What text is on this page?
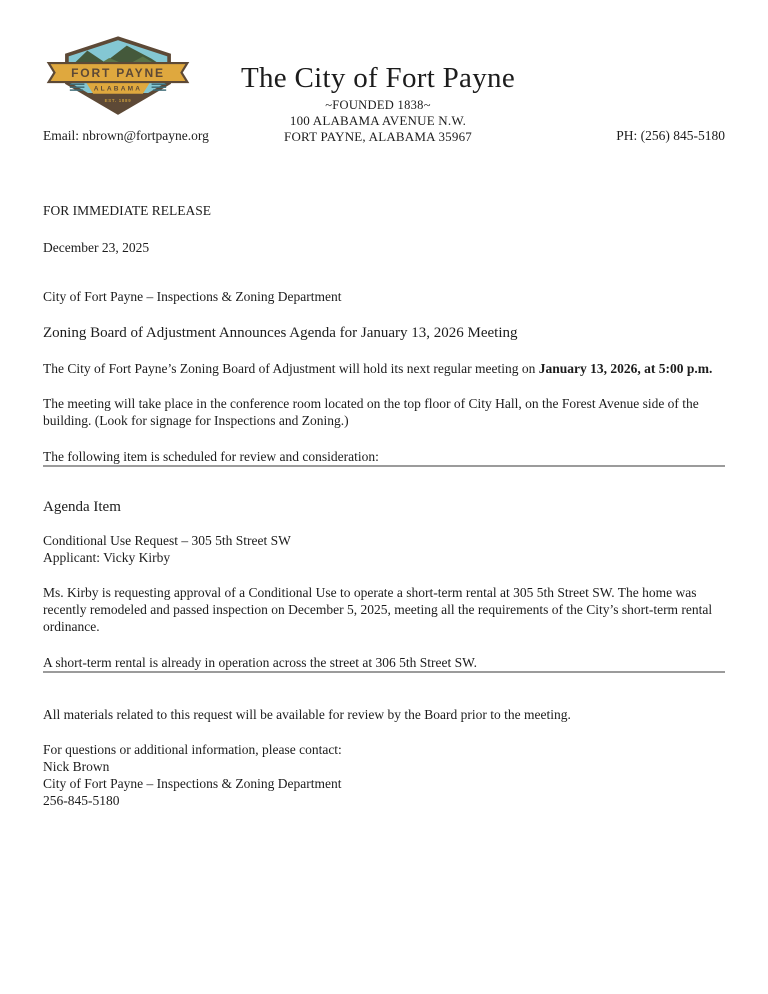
EST. 1889
ALABAMA
FORT PAYNE
Email: nbrown@fortpayne.org
The City of Fort Payne
~FOUNDED 1838~
100 ALABAMA AVENUE N.W.
FORT PAYNE, ALABAMA 35967	PH: (256) 845-5180

FOR IMMEDIATE RELEASE

December 23, 2025

City of Fort Payne – Inspections & Zoning Department

Zoning Board of Adjustment Announces Agenda for January 13, 2026 Meeting

The City of Fort Payne’s Zoning Board of Adjustment will hold its next regular meeting on January 13, 2026, at 5:00 p.m.

The meeting will take place in the conference room located on the top floor of City Hall, on the Forest Avenue side of the building. (Look for signage for Inspections and Zoning.)

The following item is scheduled for review and consideration:

Agenda Item

Conditional Use Request – 305 5th Street SW

Applicant: Vicky Kirby

Ms. Kirby is requesting approval of a Conditional Use to operate a short-term rental at 305 5th Street SW. The home was recently remodeled and passed inspection on December 5, 2025, meeting all the requirements of the City’s short-term rental ordinance.

A short-term rental is already in operation across the street at 306 5th Street SW.

All materials related to this request will be available for review by the Board prior to the meeting.

For questions or additional information, please contact:

Nick Brown

City of Fort Payne – Inspections & Zoning Department

256-845-5180
